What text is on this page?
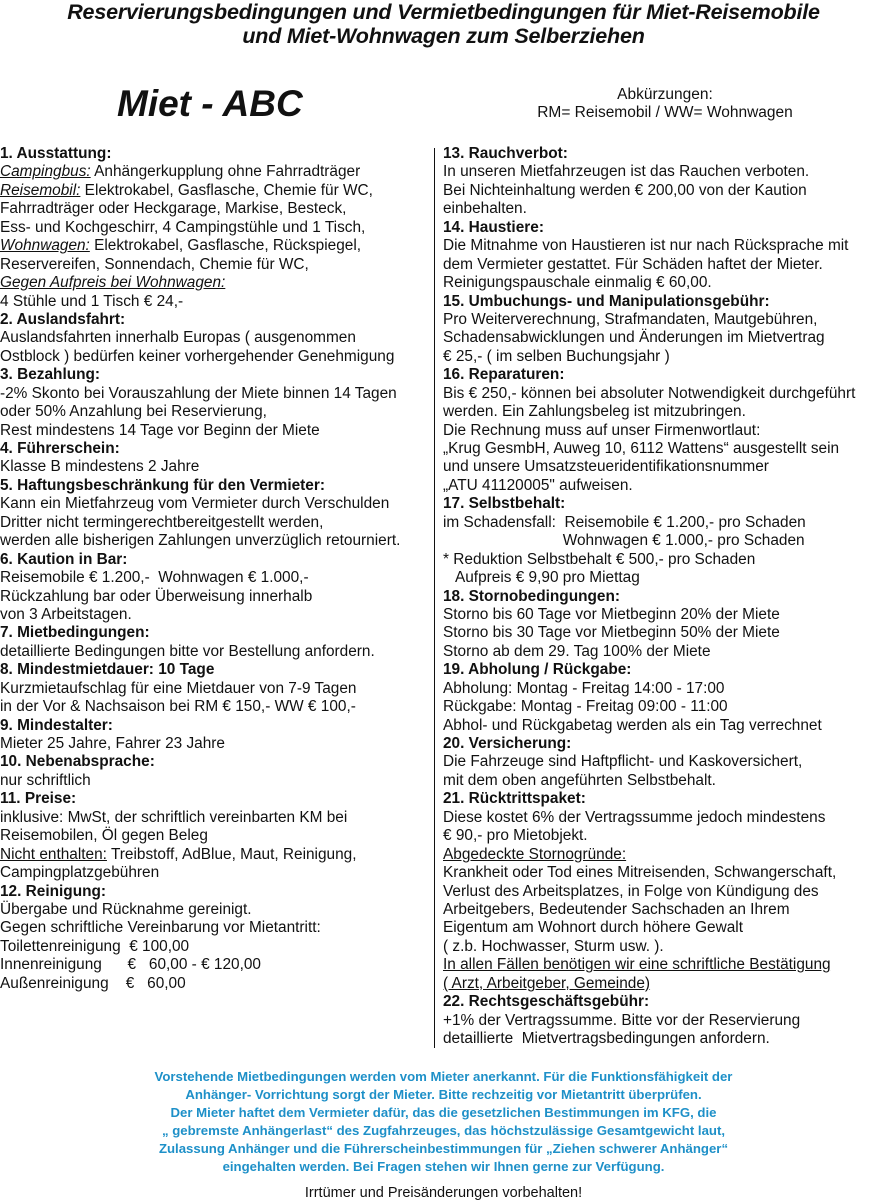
Reservierungsbedingungen und Vermietbedingungen für Miet-Reisemobile
und Miet-Wohnwagen zum Selberziehen
Miet - ABC	Abkürzungen:
RM= Reisemobil / WW= Wohnwagen
1. Ausstattung:
Campingbus: Anhängerkupplung ohne Fahrradträger
Reisemobil: Elektrokabel, Gasflasche, Chemie für WC,
Fahrradträger oder Heckgarage, Markise, Besteck,
Ess- und Kochgeschirr, 4 Campingstühle und 1 Tisch,
Wohnwagen: Elektrokabel, Gasflasche, Rückspiegel,
Reservereifen, Sonnendach, Chemie für WC,
Gegen Aufpreis bei Wohnwagen:
4 Stühle und 1 Tisch € 24,-
2. Auslandsfahrt:
Auslandsfahrten innerhalb Europas ( ausgenommen
Ostblock ) bedürfen keiner vorhergehender Genehmigung
3. Bezahlung:
-2% Skonto bei Vorauszahlung der Miete binnen 14 Tagen
oder 50% Anzahlung bei Reservierung,
Rest mindestens 14 Tage vor Beginn der Miete
4. Führerschein:
Klasse B mindestens 2 Jahre
5. Haftungsbeschränkung für den Vermieter:
Kann ein Mietfahrzeug vom Vermieter durch Verschulden
Dritter nicht termingerechtbereitgestellt werden,
werden alle bisherigen Zahlungen unverzüglich retourniert.
6. Kaution in Bar:
Reisemobile € 1.200,-  Wohnwagen € 1.000,-
Rückzahlung bar oder Überweisung innerhalb
von 3 Arbeitstagen.
7. Mietbedingungen:
detaillierte Bedingungen bitte vor Bestellung anfordern.
8. Mindestmietdauer: 10 Tage
Kurzmietaufschlag für eine Mietdauer von 7-9 Tagen
in der Vor & Nachsaison bei RM € 150,- WW € 100,-
9. Mindestalter:
Mieter 25 Jahre, Fahrer 23 Jahre
10. Nebenabsprache:
nur schriftlich
11. Preise:
inklusive: MwSt, der schriftlich vereinbarten KM bei
Reisemobilen, Öl gegen Beleg
Nicht enthalten: Treibstoff, AdBlue, Maut, Reinigung,
Campingplatzgebühren
12. Reinigung:
Übergabe und Rücknahme gereinigt.
Gegen schriftliche Vereinbarung vor Mietantritt:
Toilettenreinigung  € 100,00
Innenreinigung      €   60,00 - € 120,00
Außenreinigung    €   60,00
13. Rauchverbot:
In unseren Mietfahrzeugen ist das Rauchen verboten.
Bei Nichteinhaltung werden € 200,00 von der Kaution
einbehalten.
14. Haustiere:
Die Mitnahme von Haustieren ist nur nach Rücksprache mit
dem Vermieter gestattet. Für Schäden haftet der Mieter.
Reinigungspauschale einmalig € 60,00.
15. Umbuchungs- und Manipulationsgebühr:
Pro Weiterverechnung, Strafmandaten, Mautgebühren,
Schadensabwicklungen und Änderungen im Mietvertrag
€ 25,- ( im selben Buchungsjahr )
16. Reparaturen:
Bis € 250,- können bei absoluter Notwendigkeit durchgeführt
werden. Ein Zahlungsbeleg ist mitzubringen.
Die Rechnung muss auf unser Firmenwortlaut:
„Krug GesmbH, Auweg 10, 6112 Wattens“ ausgestellt sein
und unsere Umsatzsteueridentifikationsnummer
„ATU 41120005" aufweisen.
17. Selbstbehalt:
im Schadensfall:  Reisemobile € 1.200,- pro Schaden
Wohnwagen € 1.000,- pro Schaden
* Reduktion Selbstbehalt € 500,- pro Schaden
Aufpreis € 9,90 pro Miettag
18. Stornobedingungen:
Storno bis 60 Tage vor Mietbeginn 20% der Miete
Storno bis 30 Tage vor Mietbeginn 50% der Miete
Storno ab dem 29. Tag 100% der Miete
19. Abholung / Rückgabe:
Abholung: Montag - Freitag 14:00 - 17:00
Rückgabe: Montag - Freitag 09:00 - 11:00
Abhol- und Rückgabetag werden als ein Tag verrechnet
20. Versicherung:
Die Fahrzeuge sind Haftpflicht- und Kaskoversichert,
mit dem oben angeführten Selbstbehalt.
21. Rücktrittspaket:
Diese kostet 6% der Vertragssumme jedoch mindestens
€ 90,- pro Mietobjekt.
Abgedeckte Stornogründe:
Krankheit oder Tod eines Mitreisenden, Schwangerschaft,
Verlust des Arbeitsplatzes, in Folge von Kündigung des
Arbeitgebers, Bedeutender Sachschaden an Ihrem
Eigentum am Wohnort durch höhere Gewalt
( z.b. Hochwasser, Sturm usw. ).
In allen Fällen benötigen wir eine schriftliche Bestätigung
( Arzt, Arbeitgeber, Gemeinde)
22. Rechtsgeschäftsgebühr:
+1% der Vertragssumme. Bitte vor der Reservierung
detaillierte  Mietvertragsbedingungen anfordern.
Vorstehende Mietbedingungen werden vom Mieter anerkannt. Für die Funktionsfähigkeit der
Anhänger- Vorrichtung sorgt der Mieter. Bitte rechzeitig vor Mietantritt überprüfen.
Der Mieter haftet dem Vermieter dafür, das die gesetzlichen Bestimmungen im KFG, die
„ gebremste Anhängerlast“ des Zugfahrzeuges, das höchstzulässige Gesamtgewicht laut,
Zulassung Anhänger und die Führerscheinbestimmungen für „Ziehen schwerer Anhänger“
eingehalten werden. Bei Fragen stehen wir Ihnen gerne zur Verfügung.
Irrtümer und Preisänderungen vorbehalten!
